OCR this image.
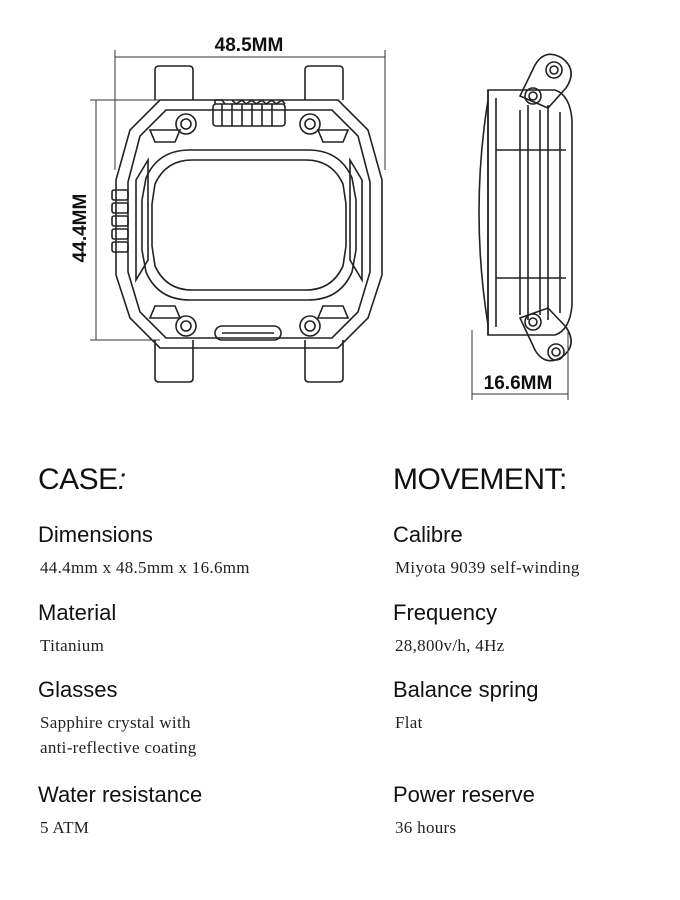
48.5MM
44.4MM
16.6MM
CASE:
Dimensions

44.4mm x 48.5mm x 16.6mm

Material

Titanium

Glasses

Sapphire crystal with

anti-reflective coating

Water resistance

5 ATM

MOVEMENT:
Calibre

Miyota 9039 self-winding

Frequency

28,800v/h, 4Hz

Balance spring

Flat

Power reserve

36 hours
